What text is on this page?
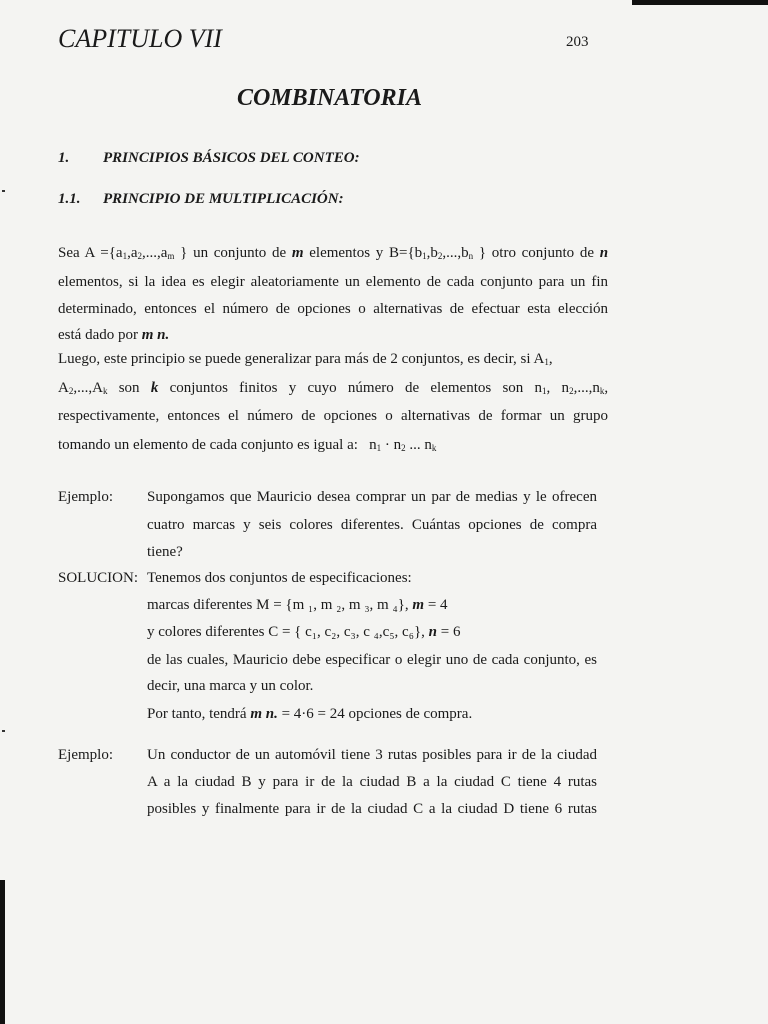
CAPITULO VII	203
COMBINATORIA
1. PRINCIPIOS BÁSICOS DEL CONTEO:
1.1. PRINCIPIO DE MULTIPLICACIÓN:
Sea $A =\{a_1,a_2,...,a_m$ } un conjunto de m elementos y $B=\{b_1,b_2,...,b_n$ } otro conjunto de n
elementos, si la idea es elegir aleatoriamente un elemento de cada conjunto para un fin
determinado, entonces el número de opciones o alternativas de efectuar esta elección
está dado por m n.
Luego, este principio se puede generalizar para más de 2 conjuntos, es decir, si $A_1$,
$A_2,...,A_k$ son k conjuntos finitos y cuyo número de elementos son $n_1$, $n_2,...,n_k$,
respectivamente, entonces el número de opciones o alternativas de formar un grupo
tomando un elemento de cada conjunto es igual a: $n_1 \cdot n_2$ ... $n_k$
Ejemplo: Supongamos que Mauricio desea comprar un par de medias y le ofrecen
cuatro marcas y seis colores diferentes. Cuántas opciones de compra
tiene?
SOLUCION: Tenemos dos conjuntos de especificaciones:
marcas diferentes M = {m ₁, m ₂, m ₃, m ₄}, m = 4
y colores diferentes C = { c₁, c₂, c₃, c ₄,c₅, c₆}, n = 6
de las cuales, Mauricio debe especificar o elegir uno de cada conjunto, es
decir, una marca y un color.
Por tanto, tendrá m n. = 4·6 = 24 opciones de compra.
Ejemplo: Un conductor de un automóvil tiene 3 rutas posibles para ir de la ciudad
A a la ciudad B y para ir de la ciudad B a la ciudad C tiene 4 rutas
posibles y finalmente para ir de la ciudad C a la ciudad D tiene 6 rutas
